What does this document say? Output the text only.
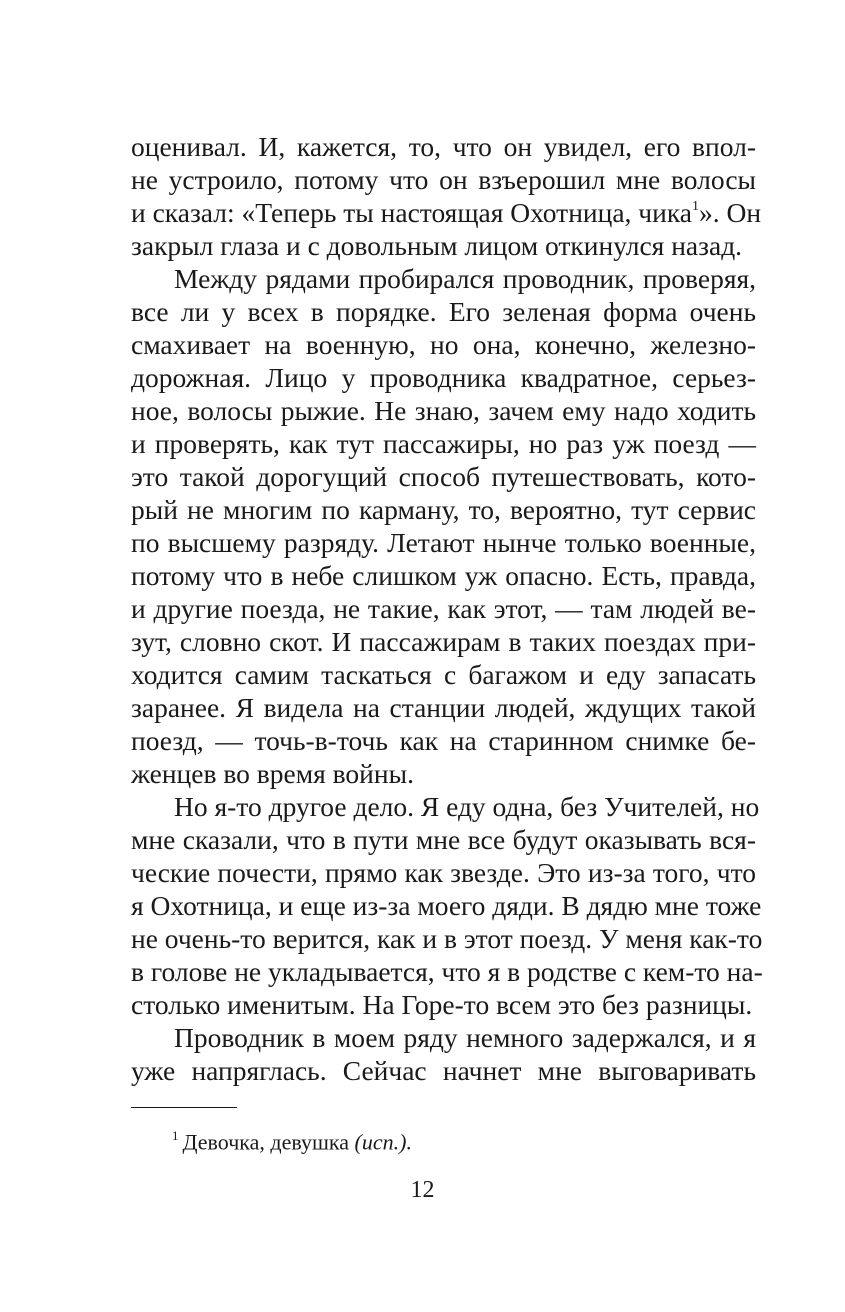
оценивал. И, кажется, то, что он увидел, его впол-
не устроило, потому что он взъерошил мне волосы
и сказал: «Теперь ты настоящая Охотница, чика$^1$». Он
закрыл глаза и с довольным лицом откинулся назад.
Между рядами пробирался проводник, проверяя,
все ли у всех в порядке. Его зеленая форма очень
смахивает на военную, но она, конечно, железно-
дорожная. Лицо у проводника квадратное, серьез-
ное, волосы рыжие. Не знаю, зачем ему надо ходить
и проверять, как тут пассажиры, но раз уж поезд —
это такой дорогущий способ путешествовать, кото-
рый не многим по карману, то, вероятно, тут сервис
по высшему разряду. Летают нынче только военные,
потому что в небе слишком уж опасно. Есть, правда,
и другие поезда, не такие, как этот, — там людей ве-
зут, словно скот. И пассажирам в таких поездах при-
ходится самим таскаться с багажом и еду запасать
заранее. Я видела на станции людей, ждущих такой
поезд, — точь-в-точь как на старинном снимке бе-
женцев во время войны.
Но я-то другое дело. Я еду одна, без Учителей, но
мне сказали, что в пути мне все будут оказывать вся-
ческие почести, прямо как звезде. Это из-за того, что
я Охотница, и еще из-за моего дяди. В дядю мне тоже
не очень-то верится, как и в этот поезд. У меня как-то
в голове не укладывается, что я в родстве с кем-то на-
столько именитым. На Горе-то всем это без разницы.
Проводник в моем ряду немного задержался, и я
уже напряглась. Сейчас начнет мне выговаривать
$^1$ Девочка, девушка (исп.).
12
